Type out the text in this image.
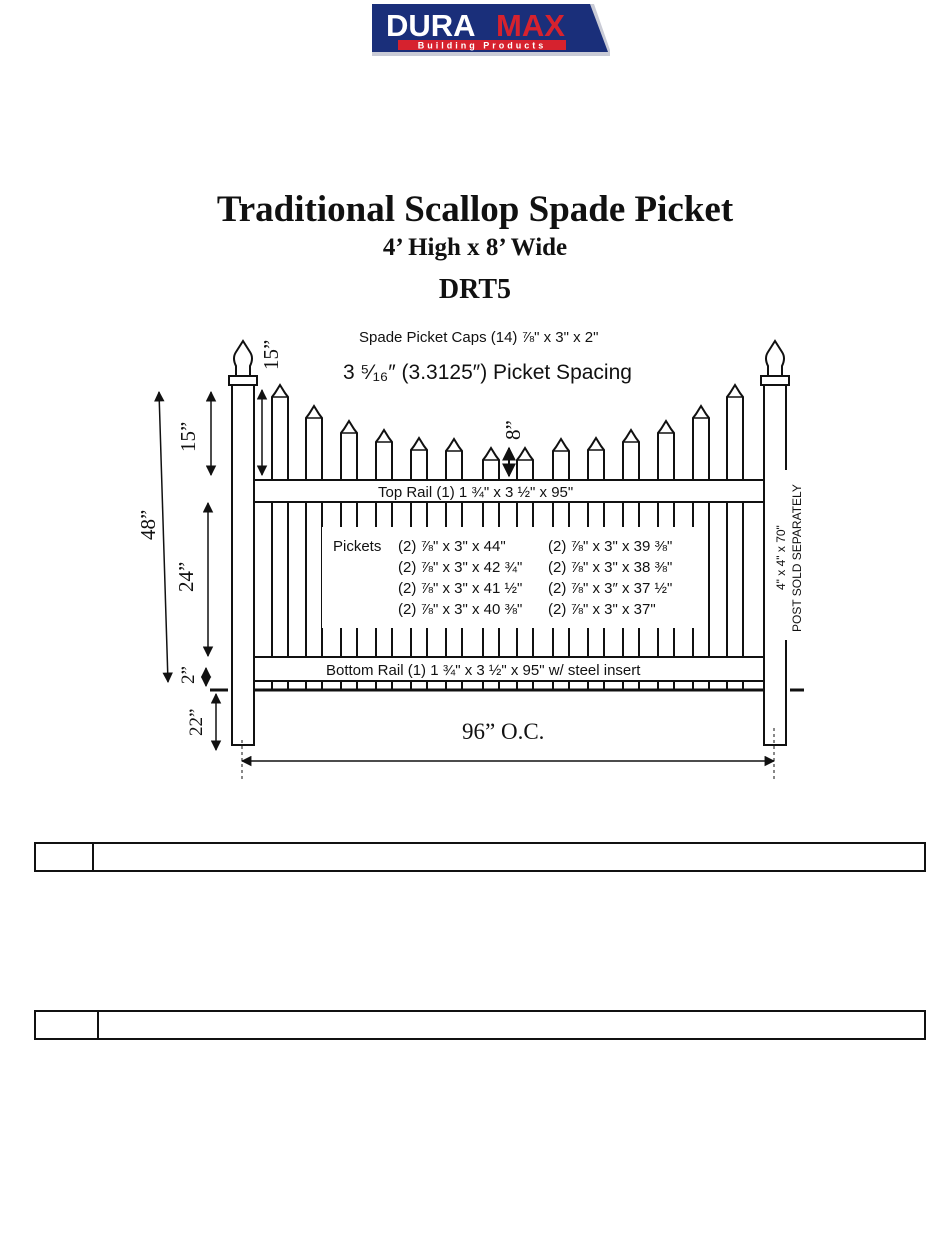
DURA MAX
Building Products
Traditional Scallop Spade Picket
4’ High x 8’ Wide
DRT5
Spade Picket Caps (14) ⅞" x 3" x 2"
3 ⁵⁄₁₆″ (3.3125″) Picket Spacing
Top Rail (1) 1 ¾" x 3 ½" x 95"
Bottom Rail (1) 1 ¾" x 3 ½" x 95" w/ steel insert
Pickets (2) ⅞" x 3" x 44"
(2) ⅞" x 3" x 42 ¾"
(2) ⅞" x 3" x 41 ½"
(2) ⅞" x 3" x 40 ⅜"
(2) ⅞" x 3" x 39 ⅜"
(2) ⅞" x 3" x 38 ⅜"
(2) ⅞" x 3″ x 37 ½"
(2) ⅞" x 3" x 37"
4" x 4" x 70" POST SOLD SEPARATELY
48”
15”
24”
2”
22”
15”
8”
96” O.C.
